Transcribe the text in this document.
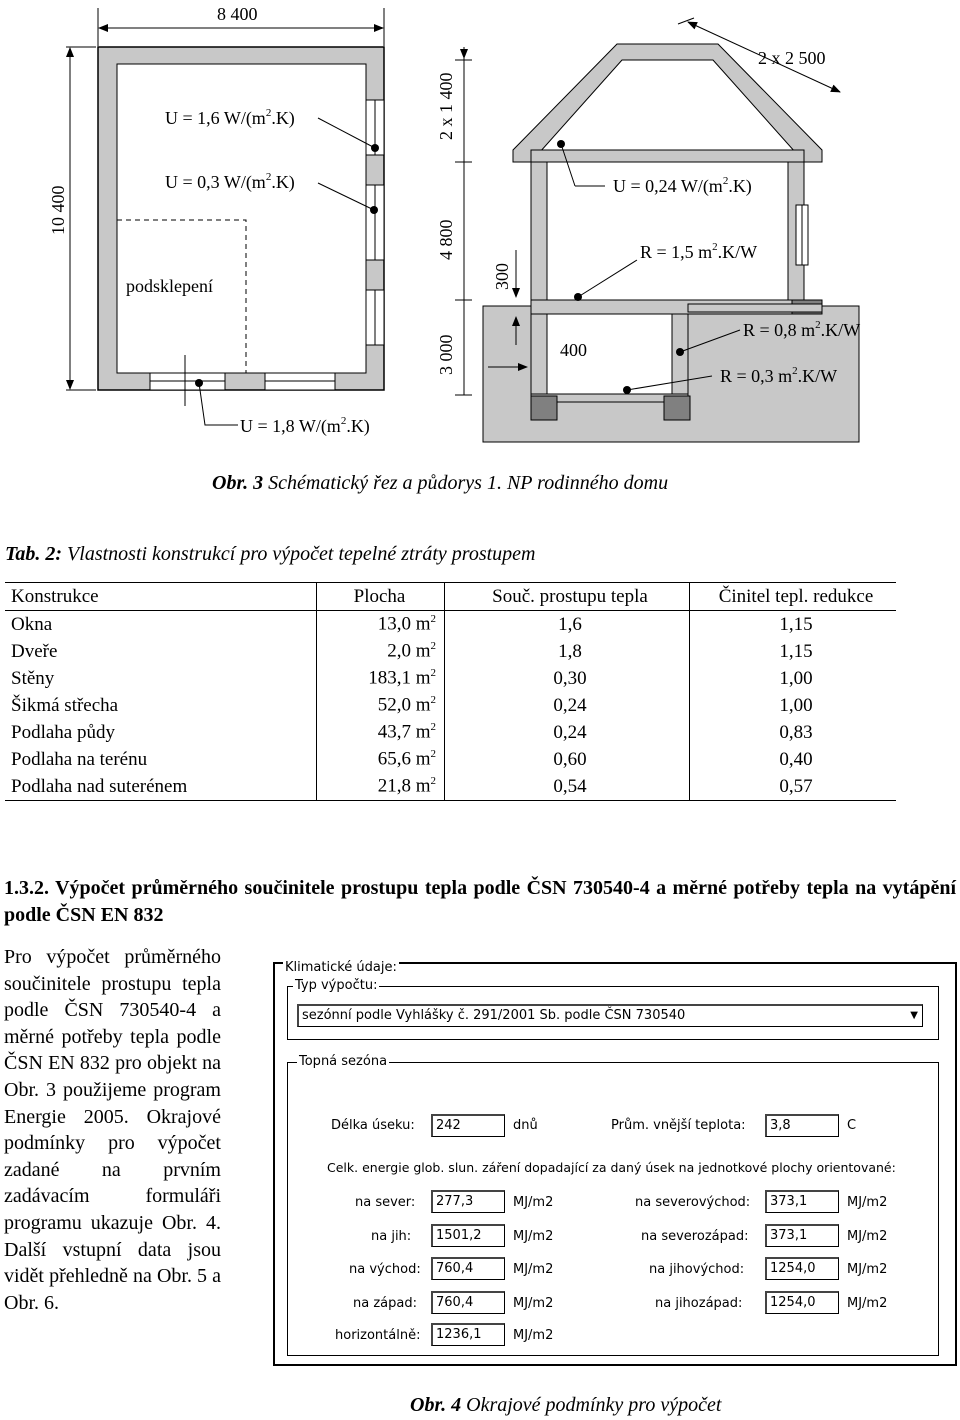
8 400
10 400
2 x 1 400
4 800
3 000
300
2 x 2 500
400
U = 1,6 $W/(m^2.K)$
U = 0,3 $W/(m^2.K)$
podsklepení
U = 1,8 $W/(m^2.K)$
U = 0,24 $W/(m^2.K)$
R = 1,5 $m^2.K/W$
R = 0,8 $m^2.K/W$
R = 0,3 $m^2.K/W$
Obr. 3 Schématický řez a půdorys 1. NP rodinného domu
Tab. 2: Vlastnosti konstrukcí pro výpočet tepelné ztráty prostupem
Konstrukce	Plocha	Souč. prostupu tepla	Činitel tepl. redukce
Okna	13,0 $m^2$	1,6	1,15
Dveře	2,0 $m^2$	1,8	1,15
Stěny	183,1 $m^2$	0,30	1,00
Šikmá střecha	52,0 $m^2$	0,24	1,00
Podlaha půdy	43,7 $m^2$	0,24	0,83
Podlaha na terénu	65,6 $m^2$	0,60	0,40
Podlaha nad suterénem	21,8 $m^2$	0,54	0,57
1.3.2. Výpočet průměrného součinitele prostupu tepla podle ČSN 730540-4 a měrné potřeby tepla na vytápění podle ČSN EN 832
Pro výpočet průměrného součinitele prostupu tepla podle ČSN 730540-4 a měrné potřeby tepla podle ČSN EN 832 pro objekt na Obr. 3 použijeme program Energie 2005. Okrajové podmínky pro výpočet zadané na prvním zadávacím formuláři programu ukazuje Obr. 4. Další vstupní data jsou vidět přehledně na Obr. 5 a Obr. 6.
Klimatické údaje:
Typ výpočtu:
sezónní podle Vyhlášky č. 291/2001 Sb. podle ČSN 730540	▼
Topná sezóna
Délka úseku:	242	dnů	Prům. vnější teplota:	3,8	C
Celk. energie glob. slun. záření dopadající za daný úsek na jednotkové plochy orientované:
na sever:	277,3	MJ/m2
na jih:	1501,2	MJ/m2
na východ:	760,4	MJ/m2
na západ:	760,4	MJ/m2
horizontálně:	1236,1	MJ/m2
na severovýchod:	373,1	MJ/m2
na severozápad:	373,1	MJ/m2
na jihovýchod:	1254,0	MJ/m2
na jihozápad:	1254,0	MJ/m2
Obr. 4 Okrajové podmínky pro výpočet
